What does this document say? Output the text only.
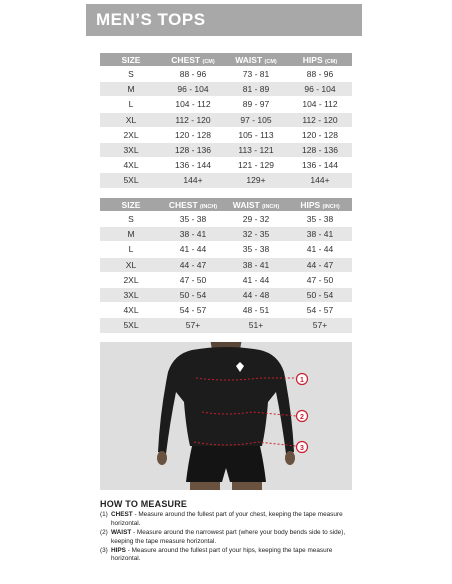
MEN’S TOPS
SIZE	CHEST (CM)	WAIST (CM)	HIPS (CM)
S	88 - 96	73 - 81	88 - 96
M	96 - 104	81 - 89	96 - 104
L	104 - 112	89 - 97	104 - 112
XL	112 - 120	97 - 105	112 - 120
2XL	120 - 128	105 - 113	120 - 128
3XL	128 - 136	113 - 121	128 - 136
4XL	136 - 144	121 - 129	136 - 144
5XL	144+	129+	144+
SIZE	CHEST (INCH)	WAIST (INCH)	HIPS (INCH)
S	35 - 38	29 - 32	35 - 38
M	38 - 41	32 - 35	38 - 41
L	41 - 44	35 - 38	41 - 44
XL	44 - 47	38 - 41	44 - 47
2XL	47 - 50	41 - 44	47 - 50
3XL	50 - 54	44 - 48	50 - 54
4XL	54 - 57	48 - 51	54 - 57
5XL	57+	51+	57+
1
2
3
HOW TO MEASURE
(1) CHEST - Measure around the fullest part of your chest, keeping the tape measure horizontal.
(2) WAIST - Measure around the narrowest part (where your body bends side to side), keeping the tape measure horizontal.
(3) HIPS - Measure around the fullest part of your hips, keeping the tape measure horizontal.
